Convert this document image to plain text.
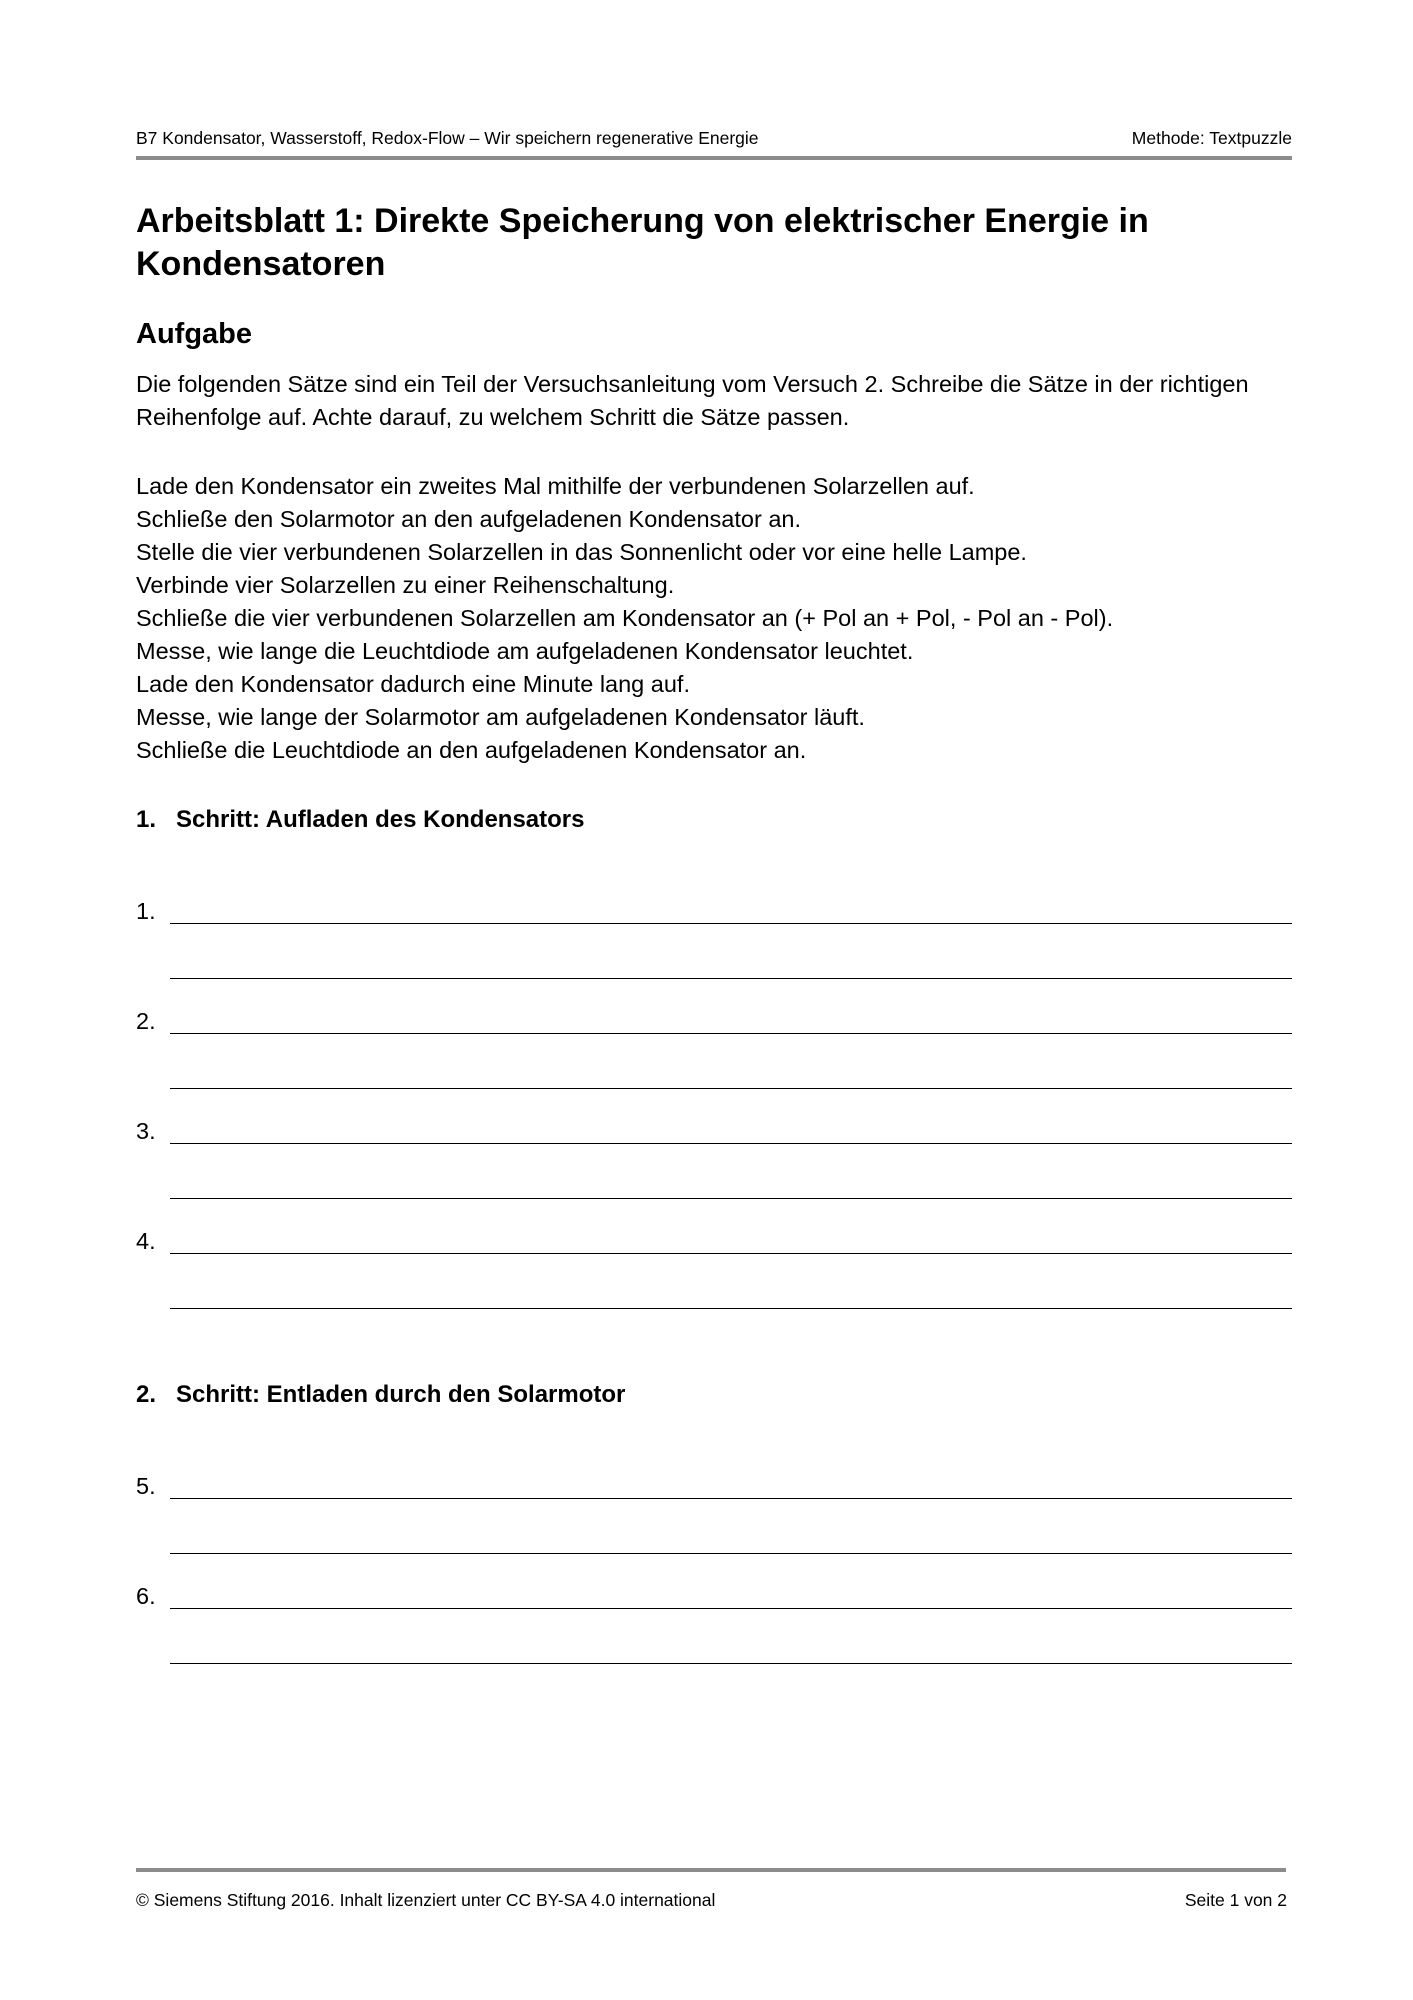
B7 Kondensator, Wasserstoff, Redox-Flow – Wir speichern regenerative Energie	Methode: Textpuzzle
Arbeitsblatt 1: Direkte Speicherung von elektrischer Energie in Kondensatoren
Aufgabe

Die folgenden Sätze sind ein Teil der Versuchsanleitung vom Versuch 2. Schreibe die Sätze in der richtigen Reihenfolge auf. Achte darauf, zu welchem Schritt die Sätze passen.

Lade den Kondensator ein zweites Mal mithilfe der verbundenen Solarzellen auf.
Schließe den Solarmotor an den aufgeladenen Kondensator an.
Stelle die vier verbundenen Solarzellen in das Sonnenlicht oder vor eine helle Lampe.
Verbinde vier Solarzellen zu einer Reihenschaltung.
Schließe die vier verbundenen Solarzellen am Kondensator an (+ Pol an + Pol, - Pol an - Pol).
Messe, wie lange die Leuchtdiode am aufgeladenen Kondensator leuchtet.
Lade den Kondensator dadurch eine Minute lang auf.
Messe, wie lange der Solarmotor am aufgeladenen Kondensator läuft.
Schließe die Leuchtdiode an den aufgeladenen Kondensator an.
1. Schritt: Aufladen des Kondensators
1.
2.
3.
4.
2. Schritt: Entladen durch den Solarmotor
5.
6.
© Siemens Stiftung 2016. Inhalt lizenziert unter CC BY-SA 4.0 international	Seite 1 von 2
